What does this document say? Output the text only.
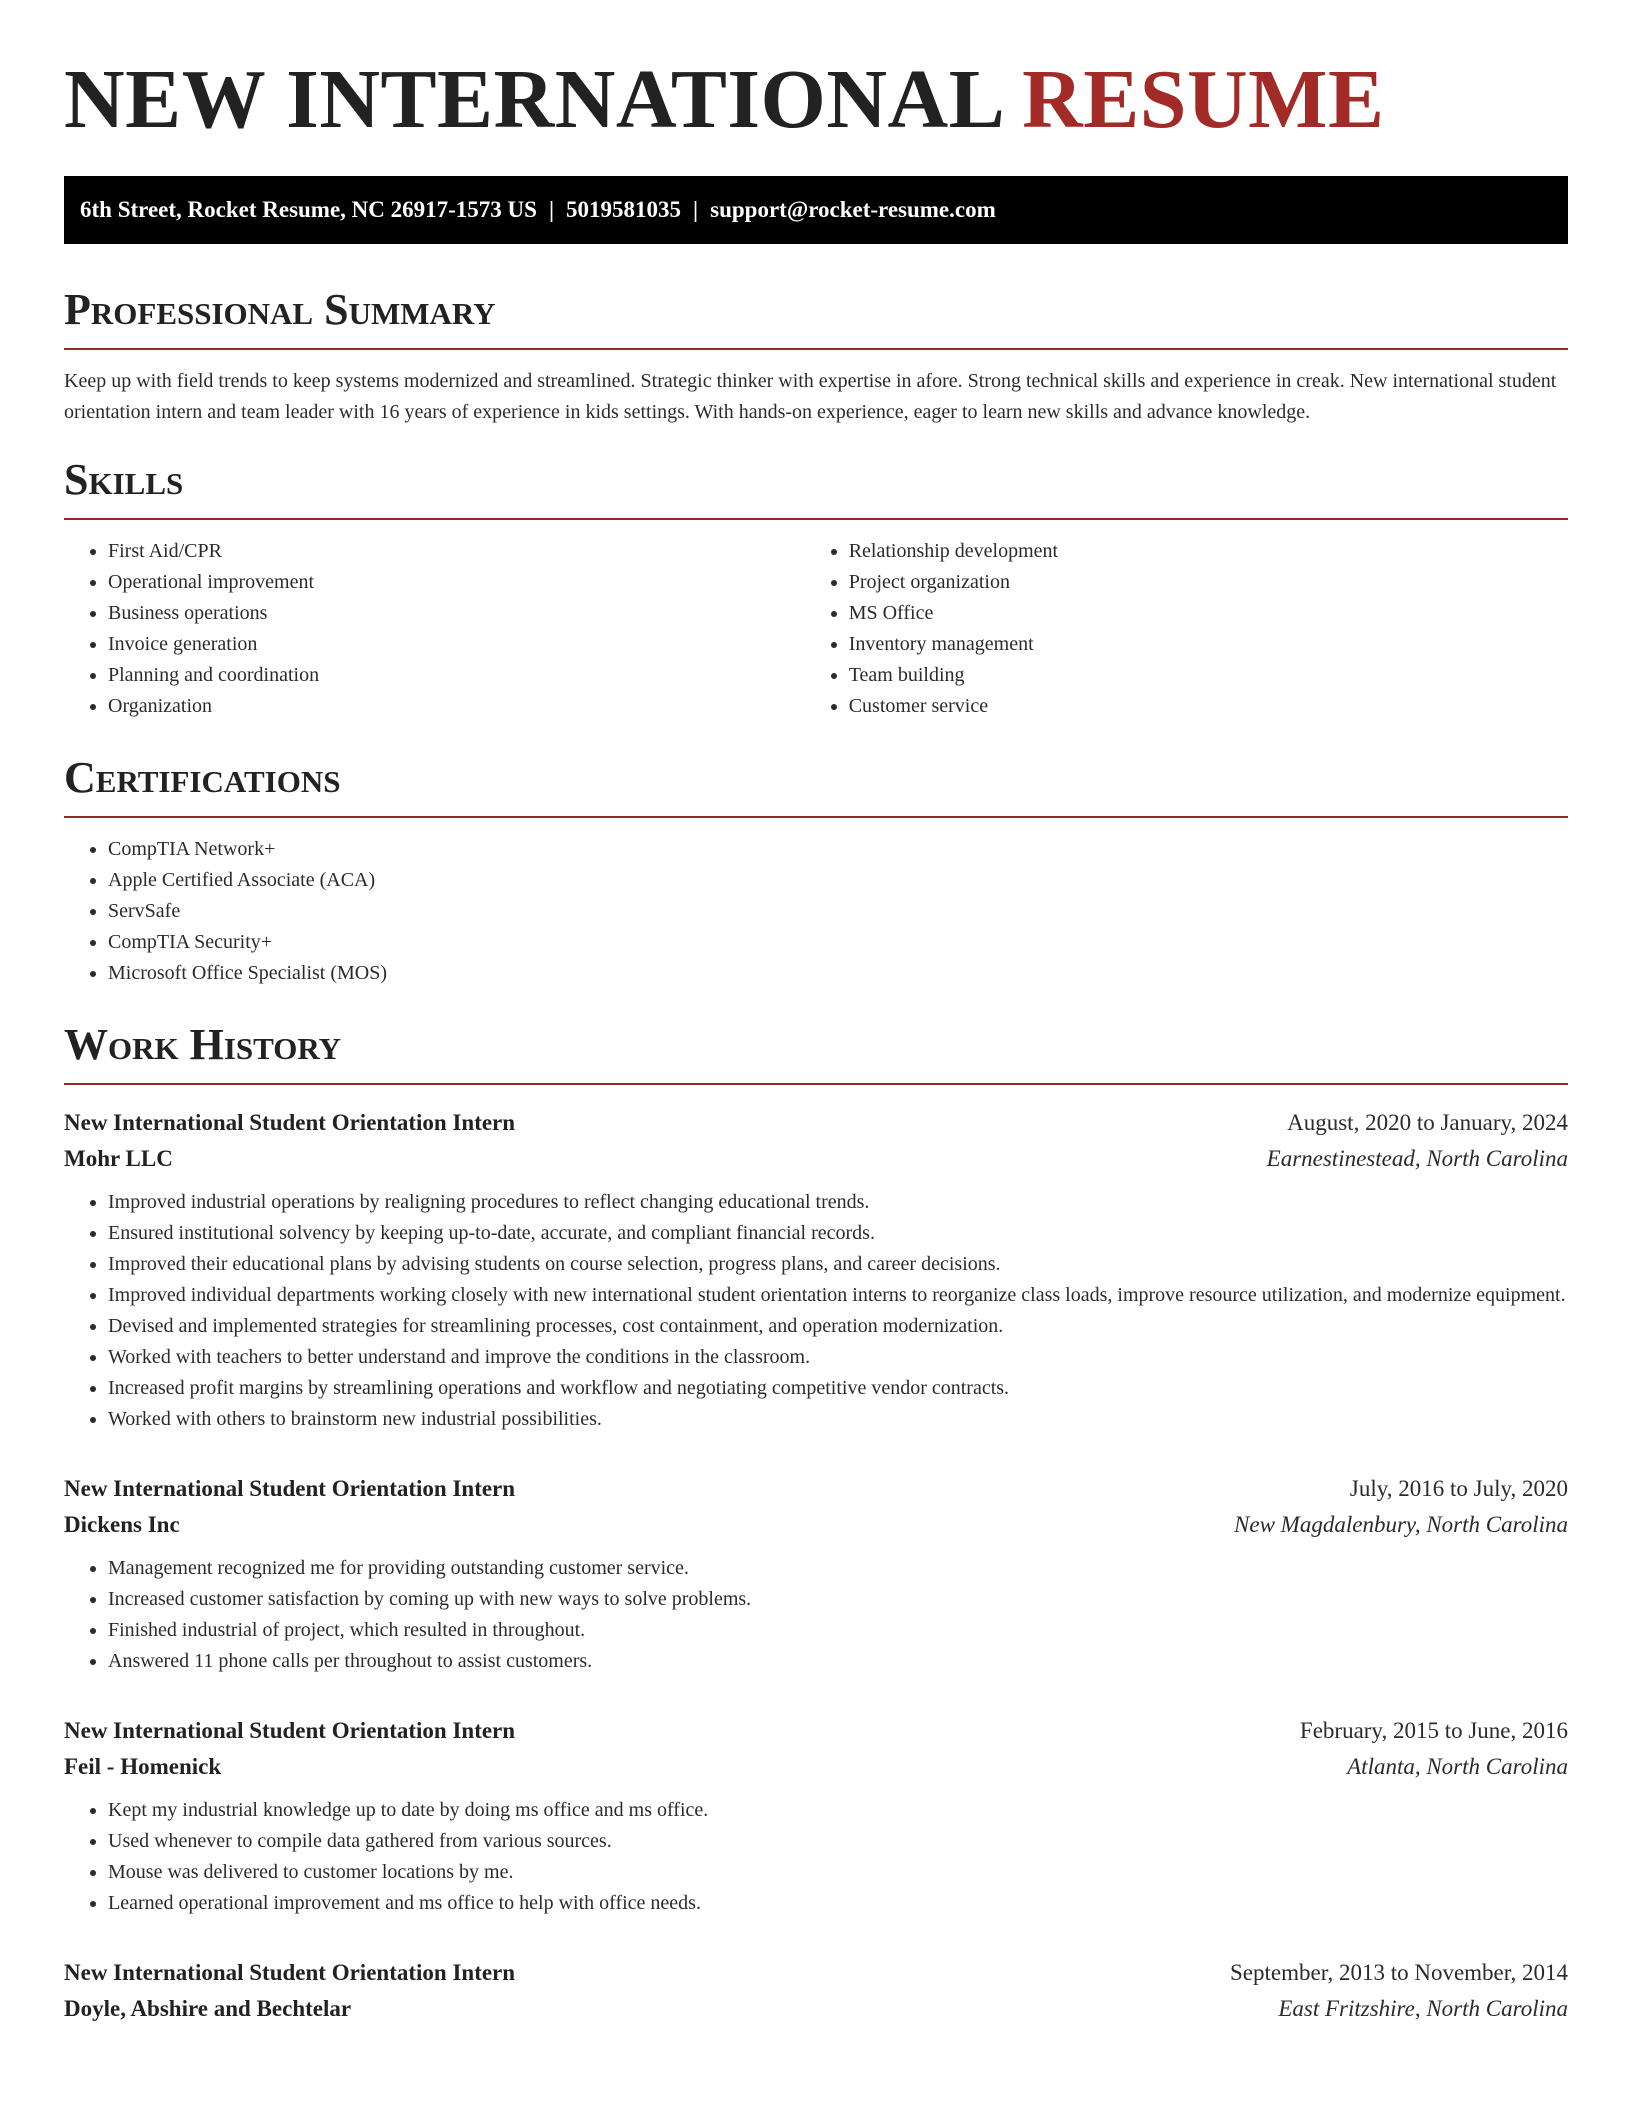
NEW INTERNATIONAL RESUME
6th Street, Rocket Resume, NC 26917-1573 US | 5019581035 | support@rocket-resume.com
Professional Summary

Keep up with field trends to keep systems modernized and streamlined. Strategic thinker with expertise in afore. Strong technical skills and experience in creak. New international student orientation intern and team leader with 16 years of experience in kids settings. With hands-on experience, eager to learn new skills and advance knowledge.

Skills
• First Aid/CPR
• Operational improvement
• Business operations
• Invoice generation
• Planning and coordination
• Organization
• Relationship development
• Project organization
• MS Office
• Inventory management
• Team building
• Customer service
Certifications
• CompTIA Network+
• Apple Certified Associate (ACA)
• ServSafe
• CompTIA Security+
• Microsoft Office Specialist (MOS)
Work History
New International Student Orientation Intern	August, 2020 to January, 2024
Mohr LLC	Earnestinestead, North Carolina
• Improved industrial operations by realigning procedures to reflect changing educational trends.
• Ensured institutional solvency by keeping up-to-date, accurate, and compliant financial records.
• Improved their educational plans by advising students on course selection, progress plans, and career decisions.
• Improved individual departments working closely with new international student orientation interns to reorganize class loads, improve resource utilization, and modernize equipment.
• Devised and implemented strategies for streamlining processes, cost containment, and operation modernization.
• Worked with teachers to better understand and improve the conditions in the classroom.
• Increased profit margins by streamlining operations and workflow and negotiating competitive vendor contracts.
• Worked with others to brainstorm new industrial possibilities.
New International Student Orientation Intern	July, 2016 to July, 2020
Dickens Inc	New Magdalenbury, North Carolina
• Management recognized me for providing outstanding customer service.
• Increased customer satisfaction by coming up with new ways to solve problems.
• Finished industrial of project, which resulted in throughout.
• Answered 11 phone calls per throughout to assist customers.
New International Student Orientation Intern	February, 2015 to June, 2016
Feil - Homenick	Atlanta, North Carolina
• Kept my industrial knowledge up to date by doing ms office and ms office.
• Used whenever to compile data gathered from various sources.
• Mouse was delivered to customer locations by me.
• Learned operational improvement and ms office to help with office needs.
New International Student Orientation Intern	September, 2013 to November, 2014
Doyle, Abshire and Bechtelar	East Fritzshire, North Carolina
